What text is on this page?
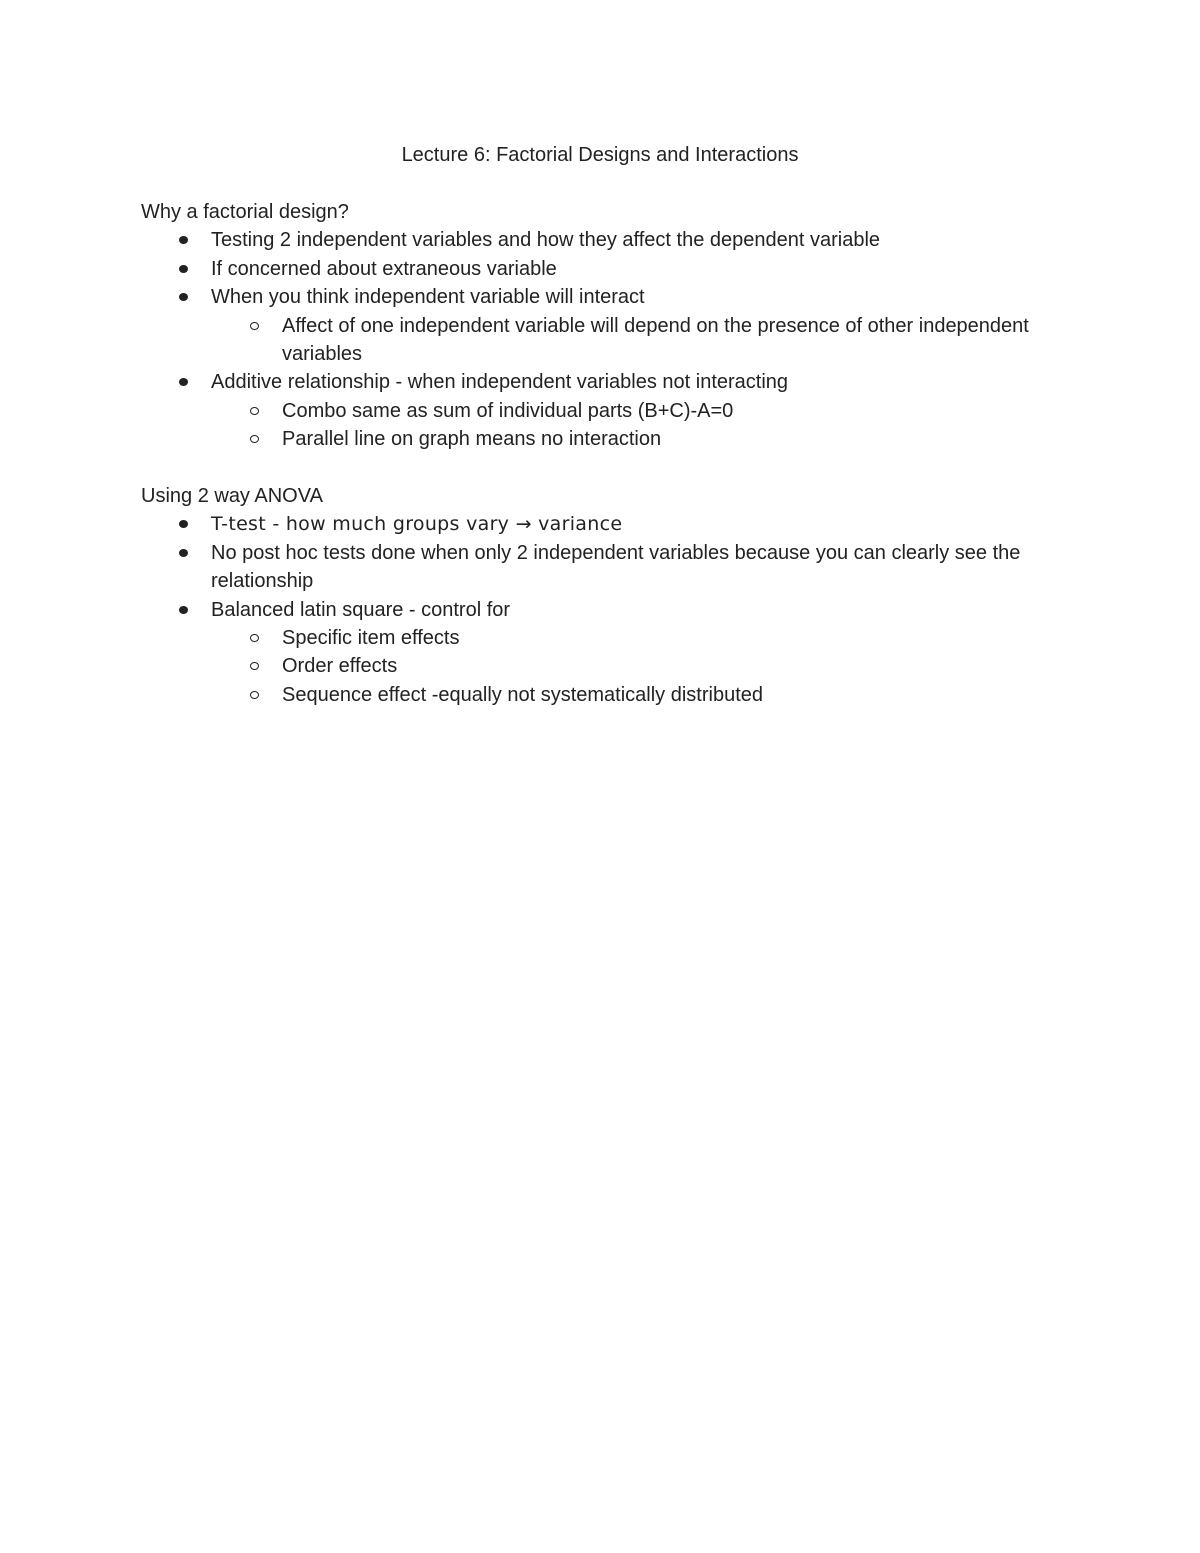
Lecture 6: Factorial Designs and Interactions

Why a factorial design?

Testing 2 independent variables and how they affect the dependent variable
If concerned about extraneous variable
When you think independent variable will interact
Affect of one independent variable will depend on the presence of other independent variables
Additive relationship - when independent variables not interacting
Combo same as sum of individual parts (B+C)-A=0
Parallel line on graph means no interaction

Using 2 way ANOVA

T-test - how much groups vary → variance
No post hoc tests done when only 2 independent variables because you can clearly see the relationship
Balanced latin square - control for
Specific item effects
Order effects
Sequence effect -equally not systematically distributed
